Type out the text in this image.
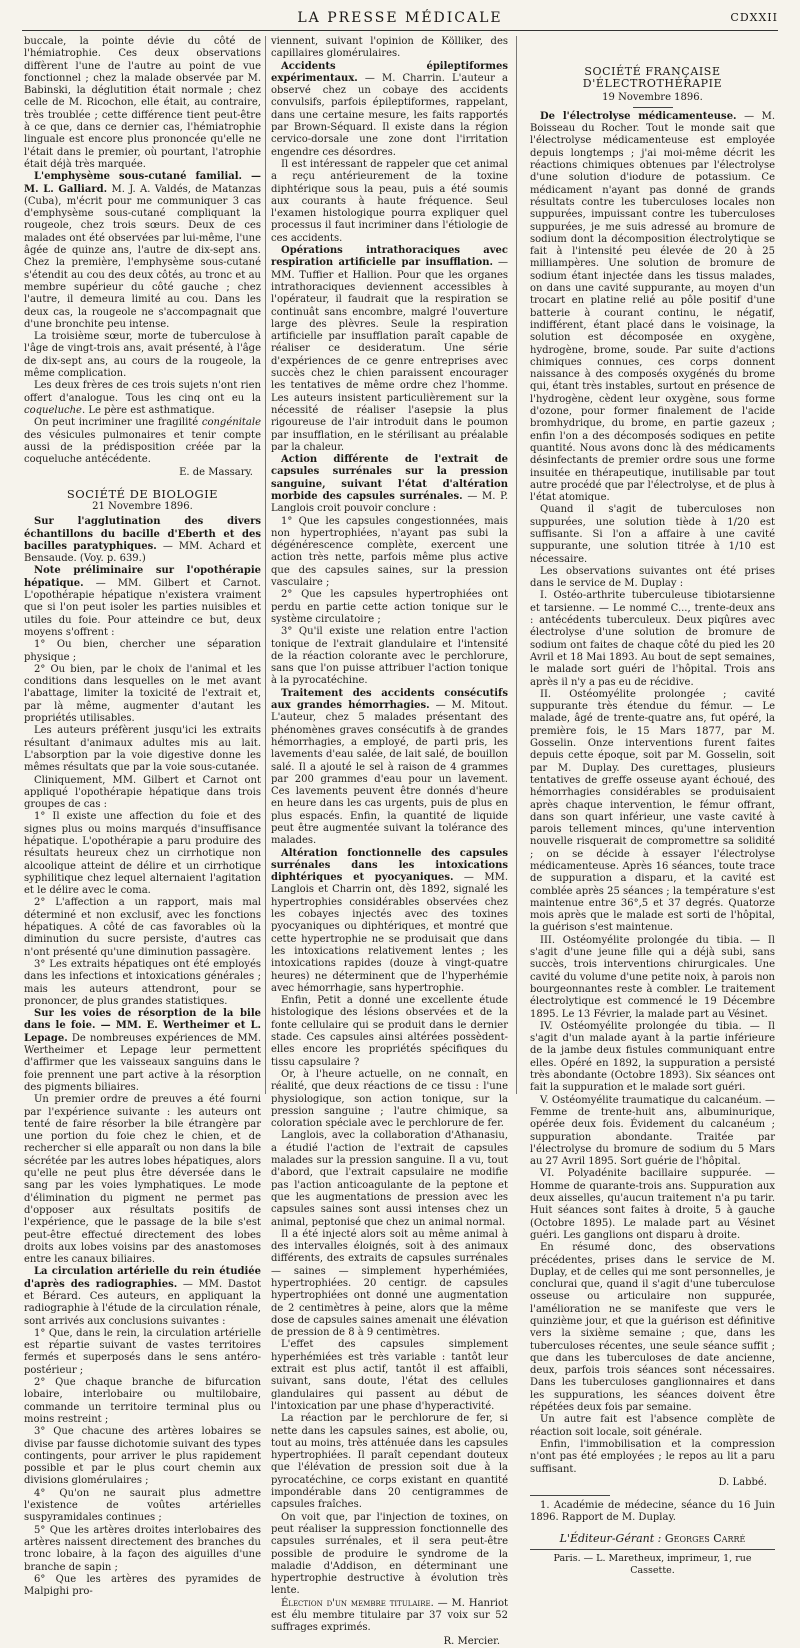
LA PRESSE MÉDICALE	CDXXII

buccale, la pointe dévie du côté de l'hémiatrophie. Ces deux observations diffèrent l'une de l'autre au point de vue fonctionnel ; chez la malade observée par M. Babinski, la déglutition était normale ; chez celle de M. Ricochon, elle était, au contraire, très troublée ; cette différence tient peut-être à ce que, dans ce dernier cas, l'hémiatrophie linguale est encore plus prononcée qu'elle ne l'était dans le premier, où pourtant, l'atrophie était déjà très marquée.

L'emphysème sous-cutané familial. — M. L. Galliard. M. J. A. Valdés, de Matanzas (Cuba), m'écrit pour me communiquer 3 cas d'emphysème sous-cutané compliquant la rougeole, chez trois sœurs. Deux de ces malades ont été observées par lui-même, l'une âgée de quinze ans, l'autre de dix-sept ans. Chez la première, l'emphysème sous-cutané s'étendit au cou des deux côtés, au tronc et au membre supérieur du côté gauche ; chez l'autre, il demeura limité au cou. Dans les deux cas, la rougeole ne s'accompagnait que d'une bronchite peu intense.

La troisième sœur, morte de tuberculose à l'âge de vingt-trois ans, avait présenté, à l'âge de dix-sept ans, au cours de la rougeole, la même complication.

Les deux frères de ces trois sujets n'ont rien offert d'analogue. Tous les cinq ont eu la coqueluche. Le père est asthmatique.

On peut incriminer une fragilité congénitale des vésicules pulmonaires et tenir compte aussi de la prédisposition créée par la coqueluche antécédente.

E. de Massary.
SOCIÉTÉ DE BIOLOGIE
21 Novembre 1896.

Sur l'agglutination des divers échantillons du bacille d'Eberth et des bacilles paratyphiques. — MM. Achard et Bensaude. (Voy. p. 639.)

Note préliminaire sur l'opothérapie hépatique. — MM. Gilbert et Carnot. L'opothérapie hépatique n'existera vraiment que si l'on peut isoler les parties nuisibles et utiles du foie. Pour atteindre ce but, deux moyens s'offrent :

1° Ou bien, chercher une séparation physique ;

2° Ou bien, par le choix de l'animal et les conditions dans lesquelles on le met avant l'abattage, limiter la toxicité de l'extrait et, par là même, augmenter d'autant les propriétés utilisables.

Les auteurs préfèrent jusqu'ici les extraits résultant d'animaux adultes mis au lait. L'absorption par la voie digestive donne les mêmes résultats que par la voie sous-cutanée.

Cliniquement, MM. Gilbert et Carnot ont appliqué l'opothérapie hépatique dans trois groupes de cas :

1° Il existe une affection du foie et des signes plus ou moins marqués d'insuffisance hépatique. L'opothérapie a paru produire des résultats heureux chez un cirrhotique non alcoolique atteint de délire et un cirrhotique syphilitique chez lequel alternaient l'agitation et le délire avec le coma.

2° L'affection a un rapport, mais mal déterminé et non exclusif, avec les fonctions hépatiques. A côté de cas favorables où la diminution du sucre persiste, d'autres cas n'ont présenté qu'une diminution passagère.

3° Les extraits hépatiques ont été employés dans les infections et intoxications générales ; mais les auteurs attendront, pour se prononcer, de plus grandes statistiques.

Sur les voies de résorption de la bile dans le foie. — MM. E. Wertheimer et L. Lepage. De nombreuses expériences de MM. Wertheimer et Lepage leur permettent d'affirmer que les vaisseaux sanguins dans le foie prennent une part active à la résorption des pigments biliaires.

Un premier ordre de preuves a été fourni par l'expérience suivante : les auteurs ont tenté de faire résorber la bile étrangère par une portion du foie chez le chien, et de rechercher si elle apparaît ou non dans la bile sécrétée par les autres lobes hépatiques, alors qu'elle ne peut plus être déversée dans le sang par les voies lymphatiques. Le mode d'élimination du pigment ne permet pas d'opposer aux résultats positifs de l'expérience, que le passage de la bile s'est peut-être effectué directement des lobes droits aux lobes voisins par des anastomoses entre les canaux biliaires.

La circulation artérielle du rein étudiée d'après des radiographies. — MM. Dastot et Bérard. Ces auteurs, en appliquant la radiographie à l'étude de la circulation rénale, sont arrivés aux conclusions suivantes :

1° Que, dans le rein, la circulation artérielle est répartie suivant de vastes territoires fermés et superposés dans le sens antéro-postérieur ;

2° Que chaque branche de bifurcation lobaire, interlobaire ou multilobaire, commande un territoire terminal plus ou moins restreint ;

3° Que chacune des artères lobaires se divise par fausse dichotomie suivant des types contingents, pour arriver le plus rapidement possible et par le plus court chemin aux divisions glomérulaires ;

4° Qu'on ne saurait plus admettre l'existence de voûtes artérielles suspyramidales continues ;

5° Que les artères droites interlobaires des artères naissent directement des branches du tronc lobaire, à la façon des aiguilles d'une branche de sapin ;

6° Que les artères des pyramides de Malpighi pro-

viennent, suivant l'opinion de Kölliker, des capillaires glomérulaires.

Accidents épileptiformes expérimentaux. — M. Charrin. L'auteur a observé chez un cobaye des accidents convulsifs, parfois épileptiformes, rappelant, dans une certaine mesure, les faits rapportés par Brown-Séquard. Il existe dans la région cervico-dorsale une zone dont l'irritation engendre ces désordres.

Il est intéressant de rappeler que cet animal a reçu antérieurement de la toxine diphtérique sous la peau, puis a été soumis aux courants à haute fréquence. Seul l'examen histologique pourra expliquer quel processus il faut incriminer dans l'étiologie de ces accidents.

Opérations intrathoraciques avec respiration artificielle par insufflation. — MM. Tuffier et Hallion. Pour que les organes intrathoraciques deviennent accessibles à l'opérateur, il faudrait que la respiration se continuât sans encombre, malgré l'ouverture large des plèvres. Seule la respiration artificielle par insufflation paraît capable de réaliser ce desideratum. Une série d'expériences de ce genre entreprises avec succès chez le chien paraissent encourager les tentatives de même ordre chez l'homme. Les auteurs insistent particulièrement sur la nécessité de réaliser l'asepsie la plus rigoureuse de l'air introduit dans le poumon par insufflation, en le stérilisant au préalable par la chaleur.

Action différente de l'extrait de capsules surrénales sur la pression sanguine, suivant l'état d'altération morbide des capsules surrénales. — M. P. Langlois croit pouvoir conclure :

1° Que les capsules congestionnées, mais non hypertrophiées, n'ayant pas subi la dégénérescence complète, exercent une action très nette, parfois même plus active que des capsules saines, sur la pression vasculaire ;

2° Que les capsules hypertrophiées ont perdu en partie cette action tonique sur le système circulatoire ;

3° Qu'il existe une relation entre l'action tonique de l'extrait glandulaire et l'intensité de la réaction colorante avec le perchlorure, sans que l'on puisse attribuer l'action tonique à la pyrocatéchine.

Traitement des accidents consécutifs aux grandes hémorrhagies. — M. Mitout. L'auteur, chez 5 malades présentant des phénomènes graves consécutifs à de grandes hémorrhagies, a employé, de parti pris, les lavements d'eau salée, de lait salé, de bouillon salé. Il a ajouté le sel à raison de 4 grammes par 200 grammes d'eau pour un lavement. Ces lavements peuvent être donnés d'heure en heure dans les cas urgents, puis de plus en plus espacés. Enfin, la quantité de liquide peut être augmentée suivant la tolérance des malades.

Altération fonctionnelle des capsules surrénales dans les intoxications diphtériques et pyocyaniques. — MM. Langlois et Charrin ont, dès 1892, signalé les hypertrophies considérables observées chez les cobayes injectés avec des toxines pyocyaniques ou diphtériques, et montré que cette hypertrophie ne se produisait que dans les intoxications relativement lentes ; les intoxications rapides (douze à vingt-quatre heures) ne déterminent que de l'hyperhémie avec hémorrhagie, sans hypertrophie.

Enfin, Petit a donné une excellente étude histologique des lésions observées et de la fonte cellulaire qui se produit dans le dernier stade. Ces capsules ainsi altérées possèdent-elles encore les propriétés spécifiques du tissu capsulaire ?

Or, à l'heure actuelle, on ne connaît, en réalité, que deux réactions de ce tissu : l'une physiologique, son action tonique, sur la pression sanguine ; l'autre chimique, sa coloration spéciale avec le perchlorure de fer.

Langlois, avec la collaboration d'Athanasiu, a étudié l'action de l'extrait de capsules malades sur la pression sanguine. Il a vu, tout d'abord, que l'extrait capsulaire ne modifie pas l'action anticoagulante de la peptone et que les augmentations de pression avec les capsules saines sont aussi intenses chez un animal, peptonisé que chez un animal normal.

Il a été injecté alors soit au même animal à des intervalles éloignés, soit à des animaux différents, des extraits de capsules surrénales — saines — simplement hyperhémiées, hypertrophiées. 20 centigr. de capsules hypertrophiées ont donné une augmentation de 2 centimètres à peine, alors que la même dose de capsules saines amenait une élévation de pression de 8 à 9 centimètres.

L'effet des capsules simplement hyperhémiées est très variable : tantôt leur extrait est plus actif, tantôt il est affaibli, suivant, sans doute, l'état des cellules glandulaires qui passent au début de l'intoxication par une phase d'hyperactivité.

La réaction par le perchlorure de fer, si nette dans les capsules saines, est abolie, ou, tout au moins, très atténuée dans les capsules hypertrophiées. Il paraît cependant douteux que l'élévation de pression soit due à la pyrocatéchine, ce corps existant en quantité impondérable dans 20 centigrammes de capsules fraîches.

On voit que, par l'injection de toxines, on peut réaliser la suppression fonctionnelle des capsules surrénales, et il sera peut-être possible de produire le syndrome de la maladie d'Addison, en déterminant une hypertrophie destructive à évolution très lente.

Élection d'un membre titulaire. — M. Hanriot est élu membre titulaire par 37 voix sur 52 suffrages exprimés.

R. Mercier.
SOCIÉTÉ FRANÇAISE D'ÉLECTROTHÉRAPIE
19 Novembre 1896.

De l'électrolyse médicamenteuse. — M. Boisseau du Rocher. Tout le monde sait que l'électrolyse médicamenteuse est employée depuis longtemps ; j'ai moi-même décrit les réactions chimiques obtenues par l'électrolyse d'une solution d'iodure de potassium. Ce médicament n'ayant pas donné de grands résultats contre les tuberculoses locales non suppurées, impuissant contre les tuberculoses suppurées, je me suis adressé au bromure de sodium dont la décomposition électrolytique se fait à l'intensité peu élevée de 20 à 25 milliampères. Une solution de bromure de sodium étant injectée dans les tissus malades, on dans une cavité suppurante, au moyen d'un trocart en platine relié au pôle positif d'une batterie à courant continu, le négatif, indifférent, étant placé dans le voisinage, la solution est décomposée en oxygène, hydrogène, brome, soude. Par suite d'actions chimiques connues, ces corps donnent naissance à des composés oxygénés du brome qui, étant très instables, surtout en présence de l'hydrogène, cèdent leur oxygène, sous forme d'ozone, pour former finalement de l'acide bromhydrique, du brome, en partie gazeux ; enfin l'on a des décomposés sodiques en petite quantité. Nous avons donc là des médicaments désinfectants de premier ordre sous une forme insuitée en thérapeutique, inutilisable par tout autre procédé que par l'électrolyse, et de plus à l'état atomique.

Quand il s'agit de tuberculoses non suppurées, une solution tiède à 1/20 est suffisante. Si l'on a affaire à une cavité suppurante, une solution titrée à 1/10 est nécessaire.

Les observations suivantes ont été prises dans le service de M. Duplay :

I. Ostéo-arthrite tuberculeuse tibiotarsienne et tarsienne. — Le nommé C..., trente-deux ans : antécédents tuberculeux. Deux piqûres avec électrolyse d'une solution de bromure de sodium ont faites de chaque côté du pied les 20 Avril et 18 Mai 1893. Au bout de sept semaines, le malade sort guéri de l'hôpital. Trois ans après il n'y a pas eu de récidive.

II. Ostéomyélite prolongée ; cavité suppurante très étendue du fémur. — Le malade, âgé de trente-quatre ans, fut opéré, la première fois, le 15 Mars 1877, par M. Gosselin. Onze interventions furent faites depuis cette époque, soit par M. Gosselin, soit par M. Duplay. Des curettages, plusieurs tentatives de greffe osseuse ayant échoué, des hémorrhagies considérables se produisaient après chaque intervention, le fémur offrant, dans son quart inférieur, une vaste cavité à parois tellement minces, qu'une intervention nouvelle risquerait de compromettre sa solidité ; on se décide à essayer l'électrolyse médicamenteuse. Après 16 séances, toute trace de suppuration a disparu, et la cavité est comblée après 25 séances ; la température s'est maintenue entre 36°,5 et 37 degrés. Quatorze mois après que le malade est sorti de l'hôpital, la guérison s'est maintenue.

III. Ostéomyélite prolongée du tibia. — Il s'agit d'une jeune fille qui a déjà subi, sans succès, trois interventions chirurgicales. Une cavité du volume d'une petite noix, à parois non bourgeonnantes reste à combler. Le traitement électrolytique est commencé le 19 Décembre 1895. Le 13 Février, la malade part au Vésinet.

IV. Ostéomyélite prolongée du tibia. — Il s'agit d'un malade ayant à la partie inférieure de la jambe deux fistules communiquant entre elles. Opéré en 1892, la suppuration a persisté très abondante (Octobre 1893). Six séances ont fait la suppuration et le malade sort guéri.

V. Ostéomyélite traumatique du calcanéum. — Femme de trente-huit ans, albuminurique, opérée deux fois. Évidement du calcanéum ; suppuration abondante. Traitée par l'électrolyse du bromure de sodium du 5 Mars au 27 Avril 1895. Sort guérie de l'hôpital.

VI. Polyadénite bacillaire suppurée. — Homme de quarante-trois ans. Suppuration aux deux aisselles, qu'aucun traitement n'a pu tarir. Huit séances sont faites à droite, 5 à gauche (Octobre 1895). Le malade part au Vésinet guéri. Les ganglions ont disparu à droite.

En résumé donc, des observations précédentes, prises dans le service de M. Duplay, et de celles qui me sont personnelles, je conclurai que, quand il s'agit d'une tuberculose osseuse ou articulaire non suppurée, l'amélioration ne se manifeste que vers le quinzième jour, et que la guérison est définitive vers la sixième semaine ; que, dans les tuberculoses récentes, une seule séance suffit ; que dans les tuberculoses de date ancienne, deux, parfois trois séances sont nécessaires. Dans les tuberculoses ganglionnaires et dans les suppurations, les séances doivent être répétées deux fois par semaine.

Un autre fait est l'absence complète de réaction soit locale, soit générale.

Enfin, l'immobilisation et la compression n'ont pas été employées ; le repos au lit a paru suffisant.

D. Labbé.

1. Académie de médecine, séance du 16 Juin 1896. Rapport de M. Duplay.

L'Éditeur-Gérant : Georges Carré
Paris. — L. Maretheux, imprimeur, 1, rue Cassette.
